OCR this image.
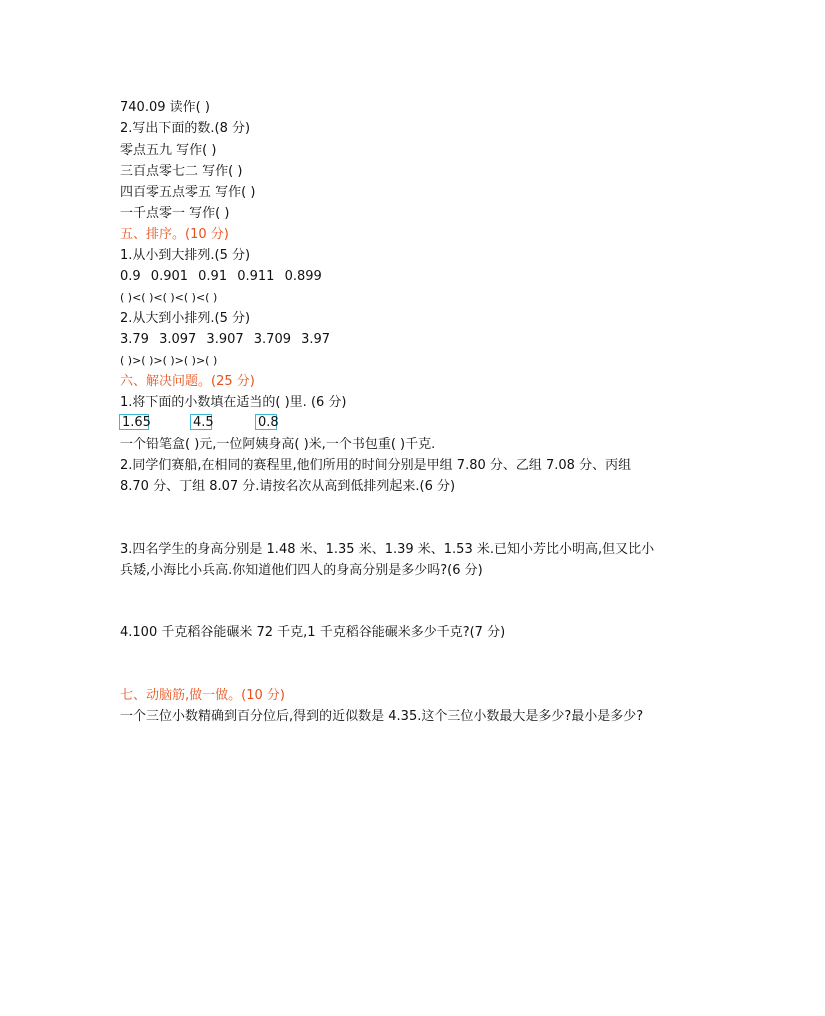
740.09 读作( )
2.写出下面的数.(8 分)
零点五九 写作( )
三百点零七二 写作( )
四百零五点零五 写作( )
一千点零一 写作( )
五、排序。(10 分)
1.从小到大排列.(5 分)
0.9 0.901 0.91 0.911 0.899
( )<( )<( )<( )<( )
2.从大到小排列.(5 分)
3.79 3.097 3.907 3.709 3.97
( )>( )>( )>( )>( )
六、解决问题。(25 分)
1.将下面的小数填在适当的( )里. (6 分)
1.65	4.5	0.8
一个铅笔盒( )元,一位阿姨身高( )米,一个书包重( )千克.
2.同学们赛船,在相同的赛程里,他们所用的时间分别是甲组 7.80 分、乙组 7.08 分、丙组
8.70 分、丁组 8.07 分.请按名次从高到低排列起来.(6 分)
3.四名学生的身高分别是 1.48 米、1.35 米、1.39 米、1.53 米.已知小芳比小明高,但又比小
兵矮,小海比小兵高.你知道他们四人的身高分别是多少吗?(6 分)
4.100 千克稻谷能碾米 72 千克,1 千克稻谷能碾米多少千克?(7 分)
七、动脑筋,做一做。(10 分)
一个三位小数精确到百分位后,得到的近似数是 4.35.这个三位小数最大是多少?最小是多少?
